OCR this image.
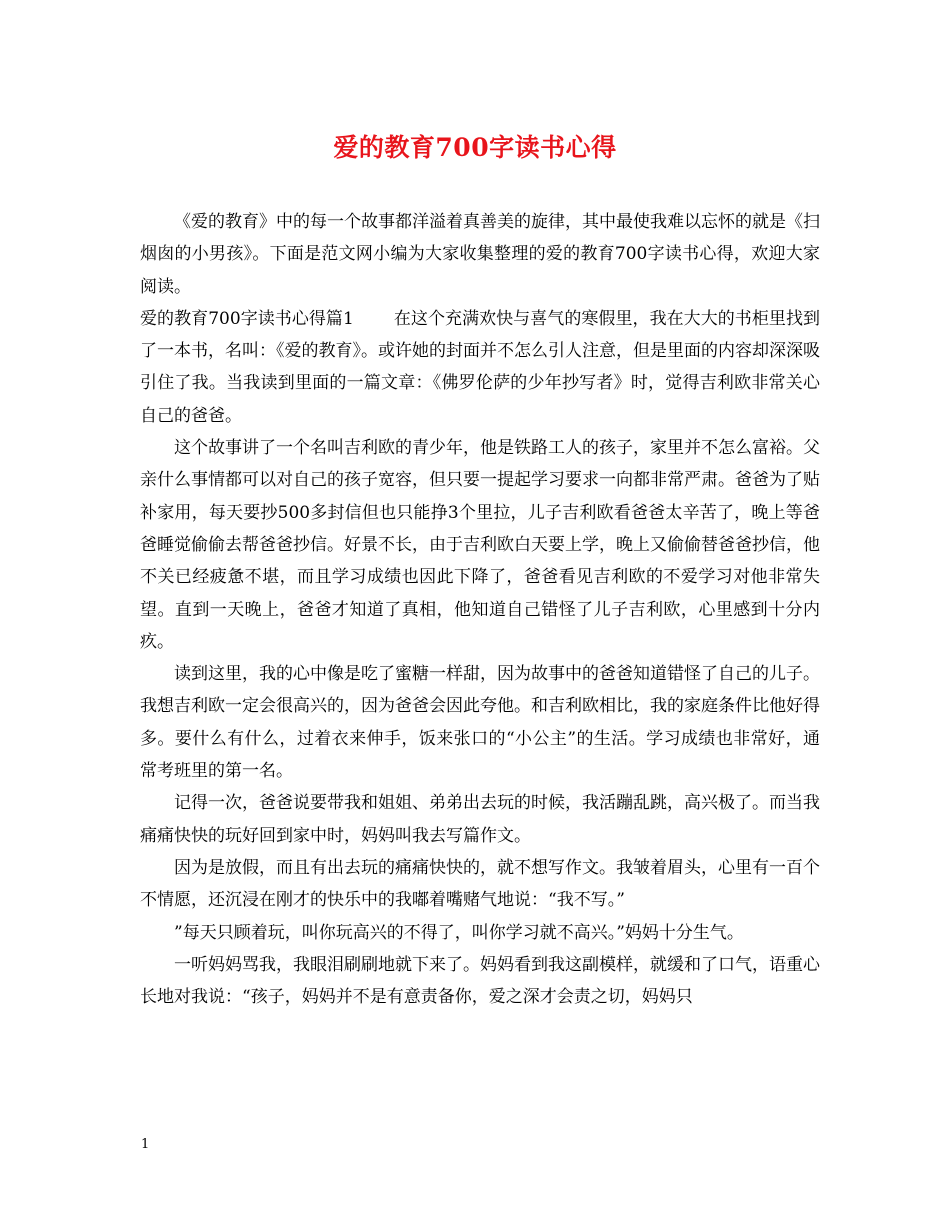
爱的教育700字读书心得

《爱的教育》中的每一个故事都洋溢着真善美的旋律，其中最使我难以忘怀的就是《扫烟囱的小男孩》。下面是范文网小编为大家收集整理的爱的教育700字读书心得，欢迎大家阅读。

爱的教育700字读书心得篇1 在这个充满欢快与喜气的寒假里，我在大大的书柜里找到了一本书，名叫：《爱的教育》。或许她的封面并不怎么引人注意，但是里面的内容却深深吸引住了我。当我读到里面的一篇文章：《佛罗伦萨的少年抄写者》时，觉得吉利欧非常关心自己的爸爸。

这个故事讲了一个名叫吉利欧的青少年，他是铁路工人的孩子，家里并不怎么富裕。父亲什么事情都可以对自己的孩子宽容，但只要一提起学习要求一向都非常严肃。爸爸为了贴补家用，每天要抄500多封信但也只能挣3个里拉，儿子吉利欧看爸爸太辛苦了，晚上等爸爸睡觉偷偷去帮爸爸抄信。好景不长，由于吉利欧白天要上学，晚上又偷偷替爸爸抄信，他不关已经疲惫不堪，而且学习成绩也因此下降了，爸爸看见吉利欧的不爱学习对他非常失望。直到一天晚上，爸爸才知道了真相，他知道自己错怪了儿子吉利欧，心里感到十分内疚。

读到这里，我的心中像是吃了蜜糖一样甜，因为故事中的爸爸知道错怪了自己的儿子。我想吉利欧一定会很高兴的，因为爸爸会因此夸他。和吉利欧相比，我的家庭条件比他好得多。要什么有什么，过着衣来伸手，饭来张口的“小公主”的生活。学习成绩也非常好，通常考班里的第一名。

记得一次，爸爸说要带我和姐姐、弟弟出去玩的时候，我活蹦乱跳，高兴极了。而当我痛痛快快的玩好回到家中时，妈妈叫我去写篇作文。

因为是放假，而且有出去玩的痛痛快快的，就不想写作文。我皱着眉头，心里有一百个不情愿，还沉浸在刚才的快乐中的我嘟着嘴赌气地说：“我不写。”

”每天只顾着玩，叫你玩高兴的不得了，叫你学习就不高兴。”妈妈十分生气。

一听妈妈骂我，我眼泪刷刷地就下来了。妈妈看到我这副模样，就缓和了口气，语重心长地对我说：“孩子，妈妈并不是有意责备你，爱之深才会责之切，妈妈只

1
